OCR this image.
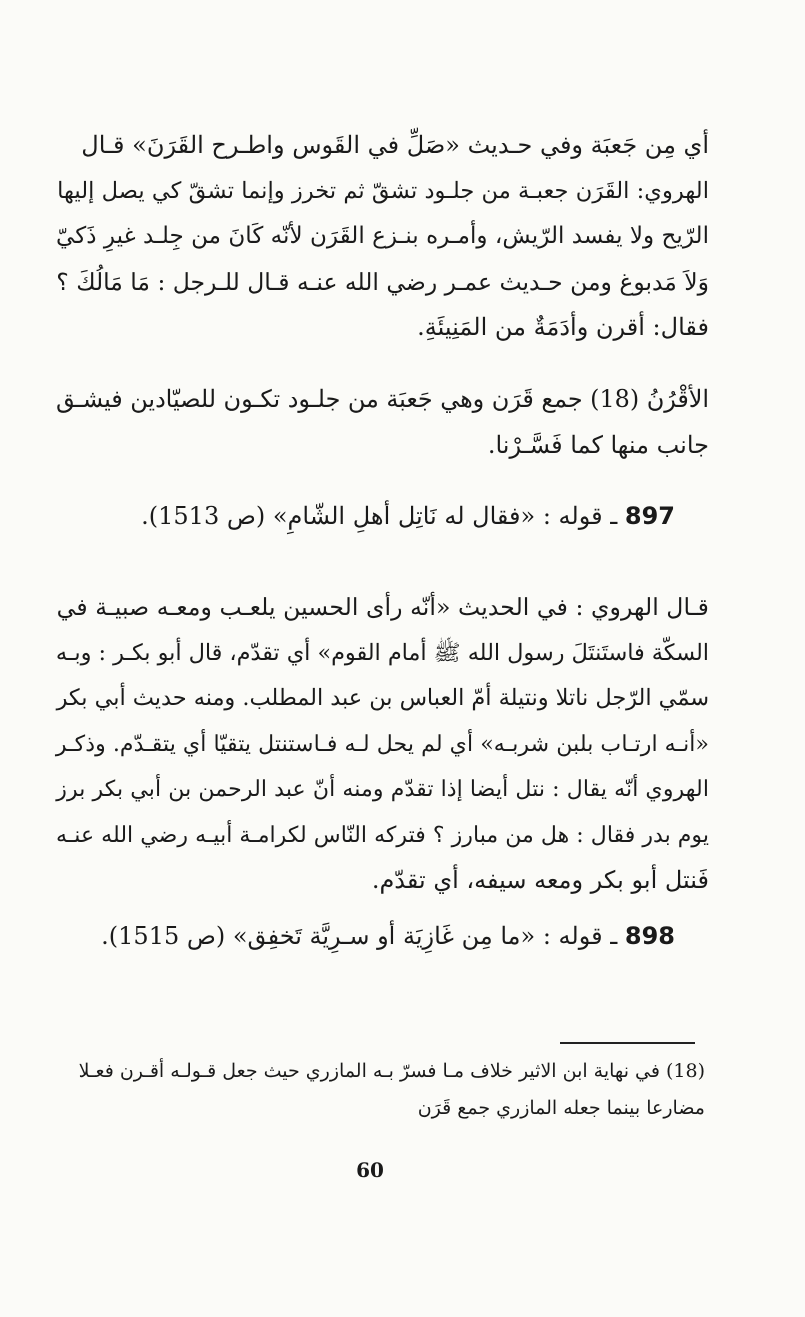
أي مِن جَعبَة وفي حـديث «صَلِّ في القَوس واطـرح القَرَنَ» قـال
الهروي: القَرَن جعبـة من جلـود تشقّ ثم تخرز وإنما تشقّ كي يصل إليها
الرّيح ولا يفسد الرّيش، وأمـره بنـزع القَرَن لأنّه كَانَ من جِلـد غيرِ ذَكيّ
وَلاَ مَدبوغ ومن حـديث عمـر رضي الله عنـه قـال للـرجل : مَا مَالُكَ ؟
فقال: أقرن وأدَمَةٌ من المَنِيئَةِ.
الأقْرُنُ (18) جمع قَرَن وهي جَعبَة من جلـود تكـون للصيّادين فيشـق
جانب منها كما فَسَّـرْنا.
897 ـ قوله : «فقال له نَاتِل أهلِ الشّامِ» (ص 1513).
قـال الهروي : في الحديث «أنّه رأى الحسين يلعـب ومعـه صبيـة في
السكّة فاستَنتَلَ رسول الله ﷺ أمام القوم» أي تقدّم، قال أبو بكـر : وبـه
سمّي الرّجل ناتلا ونتيلة أمّ العباس بن عبد المطلب. ومنه حديث أبي بكر
«أنـه ارتـاب بلبن شربـه» أي لم يحل لـه فـاستنتل يتقيّا أي يتقـدّم. وذكـر
الهروي أنّه يقال : نتل أيضا إذا تقدّم ومنه أنّ عبد الرحمن بن أبي بكر برز
يوم بدر فقال : هل من مبارز ؟ فتركه النّاس لكرامـة أبيـه رضي الله عنـه
فَنتل أبو بكر ومعه سيفه، أي تقدّم.
898 ـ قوله : «ما مِن غَازِيَة أو سـرِيَّة تَخفِق» (ص 1515).
(18) في نهاية ابن الاثير خلاف مـا فسرّ بـه المازري حيث جعل قـولـه أقـرن فعـلا
مضارعا بينما جعله المازري جمع قَرَن
60
